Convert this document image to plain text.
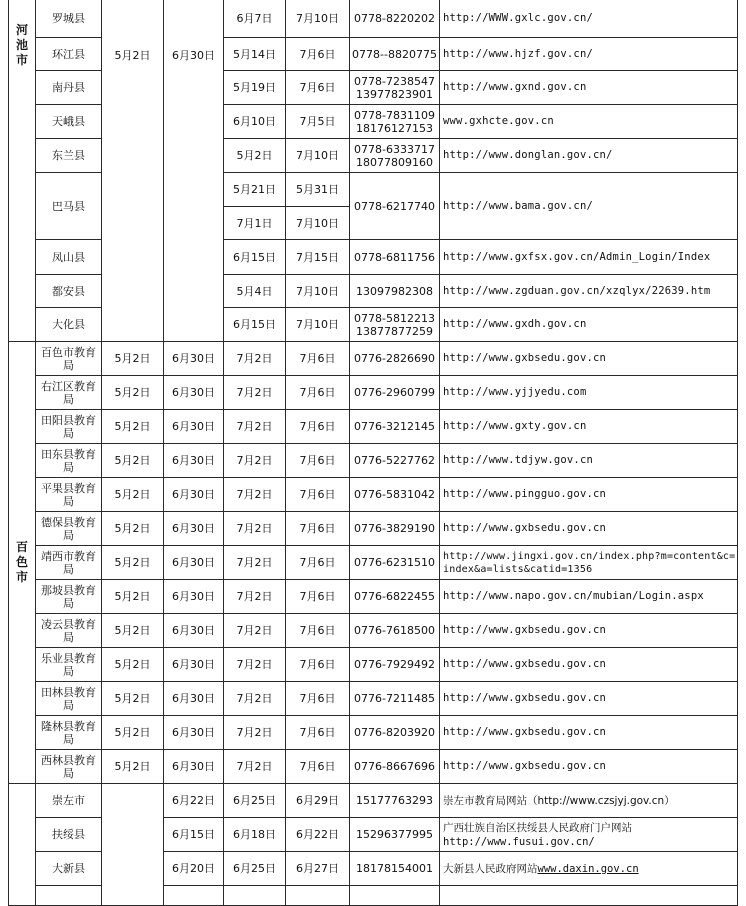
河池市	罗城县	5月2日	6月30日	6月7日	7月10日	0778-8220202	http://WWW.gxlc.gov.cn/
	环江县			5月14日	7月6日	0778--8820775	http://www.hjzf.gov.cn/
	南丹县			5月19日	7月6日	0778-7238547
13977823901	http://www.gxnd.gov.cn
	天峨县			6月10日	7月5日	0778-7831109
18176127153	www.gxhcte.gov.cn
	东兰县			5月2日	7月10日	0778-6333717
18077809160	http://www.donglan.gov.cn/
	巴马县			5月21日	5月31日	0778-6217740	http://www.bama.gov.cn/
				7月1日	7月10日		
	凤山县			6月15日	7月15日	0778-6811756	http://www.gxfsx.gov.cn/Admin_Login/Index
	都安县			5月4日	7月10日	13097982308	http://www.zgduan.gov.cn/xzqlyx/22639.htm
	大化县			6月15日	7月10日	0778-5812213
13877877259	http://www.gxdh.gov.cn

百色市	百色市教育局	5月2日	6月30日	7月2日	7月6日	0776-2826690	http://www.gxbsedu.gov.cn
	右江区教育局	5月2日	6月30日	7月2日	7月6日	0776-2960799	http://www.yjjyedu.com
	田阳县教育局	5月2日	6月30日	7月2日	7月6日	0776-3212145	http://www.gxty.gov.cn
	田东县教育局	5月2日	6月30日	7月2日	7月6日	0776-5227762	http://www.tdjyw.gov.cn
	平果县教育局	5月2日	6月30日	7月2日	7月6日	0776-5831042	http://www.pingguo.gov.cn
	德保县教育局	5月2日	6月30日	7月2日	7月6日	0776-3829190	http://www.gxbsedu.gov.cn
	靖西市教育局	5月2日	6月30日	7月2日	7月6日	0776-6231510	http://www.jingxi.gov.cn/index.php?m=content&c=index&a=lists&catid=1356
	那坡县教育局	5月2日	6月30日	7月2日	7月6日	0776-6822455	http://www.napo.gov.cn/mubian/Login.aspx
	凌云县教育局	5月2日	6月30日	7月2日	7月6日	0776-7618500	http://www.gxbsedu.gov.cn
	乐业县教育局	5月2日	6月30日	7月2日	7月6日	0776-7929492	http://www.gxbsedu.gov.cn
	田林县教育局	5月2日	6月30日	7月2日	7月6日	0776-7211485	http://www.gxbsedu.gov.cn
	隆林县教育局	5月2日	6月30日	7月2日	7月6日	0776-8203920	http://www.gxbsedu.gov.cn
	西林县教育局	5月2日	6月30日	7月2日	7月6日	0776-8667696	http://www.gxbsedu.gov.cn
	崇左市		6月22日	6月25日	6月29日	15177763293	崇左市教育局网站（http://www.czsjyj.gov.cn）
	扶绥县		6月15日	6月18日	6月22日	15296377995	广西壮族自治区扶绥县人民政府门户网站
http://www.fusui.gov.cn/
	大新县		6月20日	6月25日	6月27日	18178154001	大新县人民政府网站www.daxin.gov.cn
